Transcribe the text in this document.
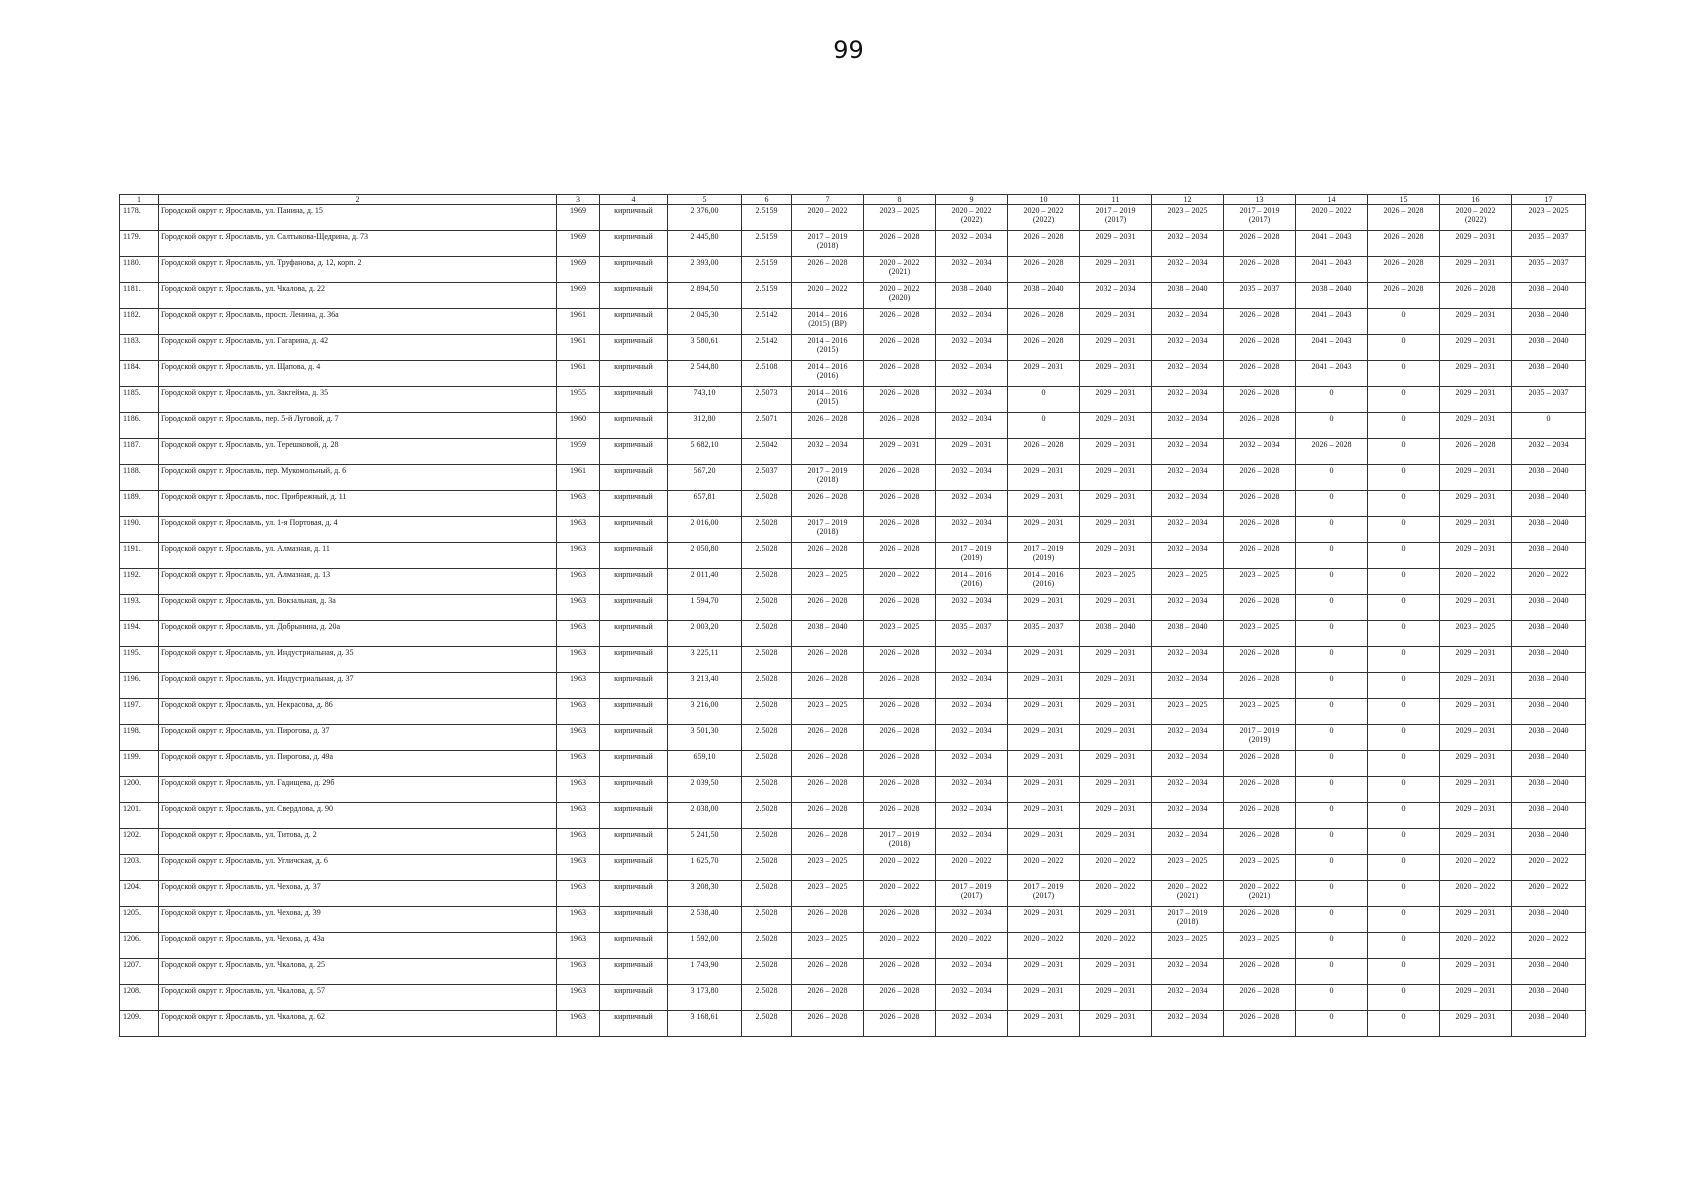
99
1	2	3	4	5	6	7	8	9	10	11	12	13	14	15	16	17
1178.	Городской округ г. Ярославль, ул. Панина, д. 15	1969	кирпичный	2 376,00	2.5159	2020 – 2022	2023 – 2025	2020 – 2022
(2022)	2020 – 2022
(2022)	2017 – 2019
(2017)	2023 – 2025	2017 – 2019
(2017)	2020 – 2022	2026 – 2028	2020 – 2022
(2022)	2023 – 2025

1179.	Городской округ г. Ярославль, ул. Салтыкова-Щедрина, д. 73	1969	кирпичный	2 445,80	2.5159	2017 – 2019
(2018)	2026 – 2028	2032 – 2034	2026 – 2028	2029 – 2031	2032 – 2034	2026 – 2028	2041 – 2043	2026 – 2028	2029 – 2031	2035 – 2037

1180.	Городской округ г. Ярославль, ул. Труфанова, д. 12, корп. 2	1969	кирпичный	2 393,00	2.5159	2026 – 2028	2020 – 2022
(2021)	2032 – 2034	2026 – 2028	2029 – 2031	2032 – 2034	2026 – 2028	2041 – 2043	2026 – 2028	2029 – 2031	2035 – 2037

1181.	Городской округ г. Ярославль, ул. Чкалова, д. 22	1969	кирпичный	2 894,50	2.5159	2020 – 2022	2020 – 2022
(2020)	2038 – 2040	2038 – 2040	2032 – 2034	2038 – 2040	2035 – 2037	2038 – 2040	2026 – 2028	2026 – 2028	2038 – 2040

1182.	Городской округ г. Ярославль, просп. Ленина, д. 36а	1961	кирпичный	2 045,30	2.5142	2014 – 2016
(2015) (ВР)	2026 – 2028	2032 – 2034	2026 – 2028	2029 – 2031	2032 – 2034	2026 – 2028	2041 – 2043	0	2029 – 2031	2038 – 2040

1183.	Городской округ г. Ярославль, ул. Гагарина, д. 42	1961	кирпичный	3 580,61	2.5142	2014 – 2016
(2015)	2026 – 2028	2032 – 2034	2026 – 2028	2029 – 2031	2032 – 2034	2026 – 2028	2041 – 2043	0	2029 – 2031	2038 – 2040

1184.	Городской округ г. Ярославль, ул. Щапова, д. 4	1961	кирпичный	2 544,80	2.5108	2014 – 2016
(2016)	2026 – 2028	2032 – 2034	2029 – 2031	2029 – 2031	2032 – 2034	2026 – 2028	2041 – 2043	0	2029 – 2031	2038 – 2040

1185.	Городской округ г. Ярославль, ул. Закгейма, д. 35	1955	кирпичный	743,10	2.5073	2014 – 2016
(2015)	2026 – 2028	2032 – 2034	0	2029 – 2031	2032 – 2034	2026 – 2028	0	0	2029 – 2031	2035 – 2037

1186.	Городской округ г. Ярославль, пер. 5-й Луговой, д. 7	1960	кирпичный	312,80	2.5071	2026 – 2028	2026 – 2028	2032 – 2034	0	2029 – 2031	2032 – 2034	2026 – 2028	0	0	2029 – 2031	0

1187.	Городской округ г. Ярославль, ул. Терешковой, д. 28	1959	кирпичный	5 682,10	2.5042	2032 – 2034	2029 – 2031	2029 – 2031	2026 – 2028	2029 – 2031	2032 – 2034	2032 – 2034	2026 – 2028	0	2026 – 2028	2032 – 2034

1188.	Городской округ г. Ярославль, пер. Мукомольный, д. 6	1961	кирпичный	567,20	2.5037	2017 – 2019
(2018)	2026 – 2028	2032 – 2034	2029 – 2031	2029 – 2031	2032 – 2034	2026 – 2028	0	0	2029 – 2031	2038 – 2040

1189.	Городской округ г. Ярославль, пос. Прибрежный, д. 11	1963	кирпичный	657,81	2.5028	2026 – 2028	2026 – 2028	2032 – 2034	2029 – 2031	2029 – 2031	2032 – 2034	2026 – 2028	0	0	2029 – 2031	2038 – 2040

1190.	Городской округ г. Ярославль, ул. 1-я Портовая, д. 4	1963	кирпичный	2 016,00	2.5028	2017 – 2019
(2018)	2026 – 2028	2032 – 2034	2029 – 2031	2029 – 2031	2032 – 2034	2026 – 2028	0	0	2029 – 2031	2038 – 2040

1191.	Городской округ г. Ярославль, ул. Алмазная, д. 11	1963	кирпичный	2 050,80	2.5028	2026 – 2028	2026 – 2028	2017 – 2019
(2019)	2017 – 2019
(2019)	2029 – 2031	2032 – 2034	2026 – 2028	0	0	2029 – 2031	2038 – 2040

1192.	Городской округ г. Ярославль, ул. Алмазная, д. 13	1963	кирпичный	2 011,40	2.5028	2023 – 2025	2020 – 2022	2014 – 2016
(2016)	2014 – 2016
(2016)	2023 – 2025	2023 – 2025	2023 – 2025	0	0	2020 – 2022	2020 – 2022

1193.	Городской округ г. Ярославль, ул. Вокзальная, д. 3а	1963	кирпичный	1 594,70	2.5028	2026 – 2028	2026 – 2028	2032 – 2034	2029 – 2031	2029 – 2031	2032 – 2034	2026 – 2028	0	0	2029 – 2031	2038 – 2040

1194.	Городской округ г. Ярославль, ул. Добрынина, д. 20а	1963	кирпичный	2 003,20	2.5028	2038 – 2040	2023 – 2025	2035 – 2037	2035 – 2037	2038 – 2040	2038 – 2040	2023 – 2025	0	0	2023 – 2025	2038 – 2040

1195.	Городской округ г. Ярославль, ул. Индустриальная, д. 35	1963	кирпичный	3 225,11	2.5028	2026 – 2028	2026 – 2028	2032 – 2034	2029 – 2031	2029 – 2031	2032 – 2034	2026 – 2028	0	0	2029 – 2031	2038 – 2040

1196.	Городской округ г. Ярославль, ул. Индустриальная, д. 37	1963	кирпичный	3 213,40	2.5028	2026 – 2028	2026 – 2028	2032 – 2034	2029 – 2031	2029 – 2031	2032 – 2034	2026 – 2028	0	0	2029 – 2031	2038 – 2040

1197.	Городской округ г. Ярославль, ул. Некрасова, д. 86	1963	кирпичный	3 216,00	2.5028	2023 – 2025	2026 – 2028	2032 – 2034	2029 – 2031	2029 – 2031	2023 – 2025	2023 – 2025	0	0	2029 – 2031	2038 – 2040

1198.	Городской округ г. Ярославль, ул. Пирогова, д. 37	1963	кирпичный	3 501,30	2.5028	2026 – 2028	2026 – 2028	2032 – 2034	2029 – 2031	2029 – 2031	2032 – 2034	2017 – 2019
(2019)	0	0	2029 – 2031	2038 – 2040

1199.	Городской округ г. Ярославль, ул. Пирогова, д. 49а	1963	кирпичный	659,10	2.5028	2026 – 2028	2026 – 2028	2032 – 2034	2029 – 2031	2029 – 2031	2032 – 2034	2026 – 2028	0	0	2029 – 2031	2038 – 2040

1200.	Городской округ г. Ярославль, ул. Гадищева, д. 29б	1963	кирпичный	2 039,50	2.5028	2026 – 2028	2026 – 2028	2032 – 2034	2029 – 2031	2029 – 2031	2032 – 2034	2026 – 2028	0	0	2029 – 2031	2038 – 2040

1201.	Городской округ г. Ярославль, ул. Свердлова, д. 90	1963	кирпичный	2 038,00	2.5028	2026 – 2028	2026 – 2028	2032 – 2034	2029 – 2031	2029 – 2031	2032 – 2034	2026 – 2028	0	0	2029 – 2031	2038 – 2040

1202.	Городской округ г. Ярославль, ул. Титова, д. 2	1963	кирпичный	5 241,50	2.5028	2026 – 2028	2017 – 2019
(2018)	2032 – 2034	2029 – 2031	2029 – 2031	2032 – 2034	2026 – 2028	0	0	2029 – 2031	2038 – 2040

1203.	Городской округ г. Ярославль, ул. Угличская, д. 6	1963	кирпичный	1 625,70	2.5028	2023 – 2025	2020 – 2022	2020 – 2022	2020 – 2022	2020 – 2022	2023 – 2025	2023 – 2025	0	0	2020 – 2022	2020 – 2022

1204.	Городской округ г. Ярославль, ул. Чехова, д. 37	1963	кирпичный	3 208,30	2.5028	2023 – 2025	2020 – 2022	2017 – 2019
(2017)	2017 – 2019
(2017)	2020 – 2022	2020 – 2022
(2021)	2020 – 2022
(2021)	0	0	2020 – 2022	2020 – 2022

1205.	Городской округ г. Ярославль, ул. Чехова, д. 39	1963	кирпичный	2 538,40	2.5028	2026 – 2028	2026 – 2028	2032 – 2034	2029 – 2031	2029 – 2031	2017 – 2019
(2018)	2026 – 2028	0	0	2029 – 2031	2038 – 2040

1206.	Городской округ г. Ярославль, ул. Чехова, д. 43а	1963	кирпичный	1 592,00	2.5028	2023 – 2025	2020 – 2022	2020 – 2022	2020 – 2022	2020 – 2022	2023 – 2025	2023 – 2025	0	0	2020 – 2022	2020 – 2022

1207.	Городской округ г. Ярославль, ул. Чкалова, д. 25	1963	кирпичный	1 743,90	2.5028	2026 – 2028	2026 – 2028	2032 – 2034	2029 – 2031	2029 – 2031	2032 – 2034	2026 – 2028	0	0	2029 – 2031	2038 – 2040

1208.	Городской округ г. Ярославль, ул. Чкалова, д. 57	1963	кирпичный	3 173,80	2.5028	2026 – 2028	2026 – 2028	2032 – 2034	2029 – 2031	2029 – 2031	2032 – 2034	2026 – 2028	0	0	2029 – 2031	2038 – 2040

1209.	Городской округ г. Ярославль, ул. Чкалова, д. 62	1963	кирпичный	3 168,61	2.5028	2026 – 2028	2026 – 2028	2032 – 2034	2029 – 2031	2029 – 2031	2032 – 2034	2026 – 2028	0	0	2029 – 2031	2038 – 2040
